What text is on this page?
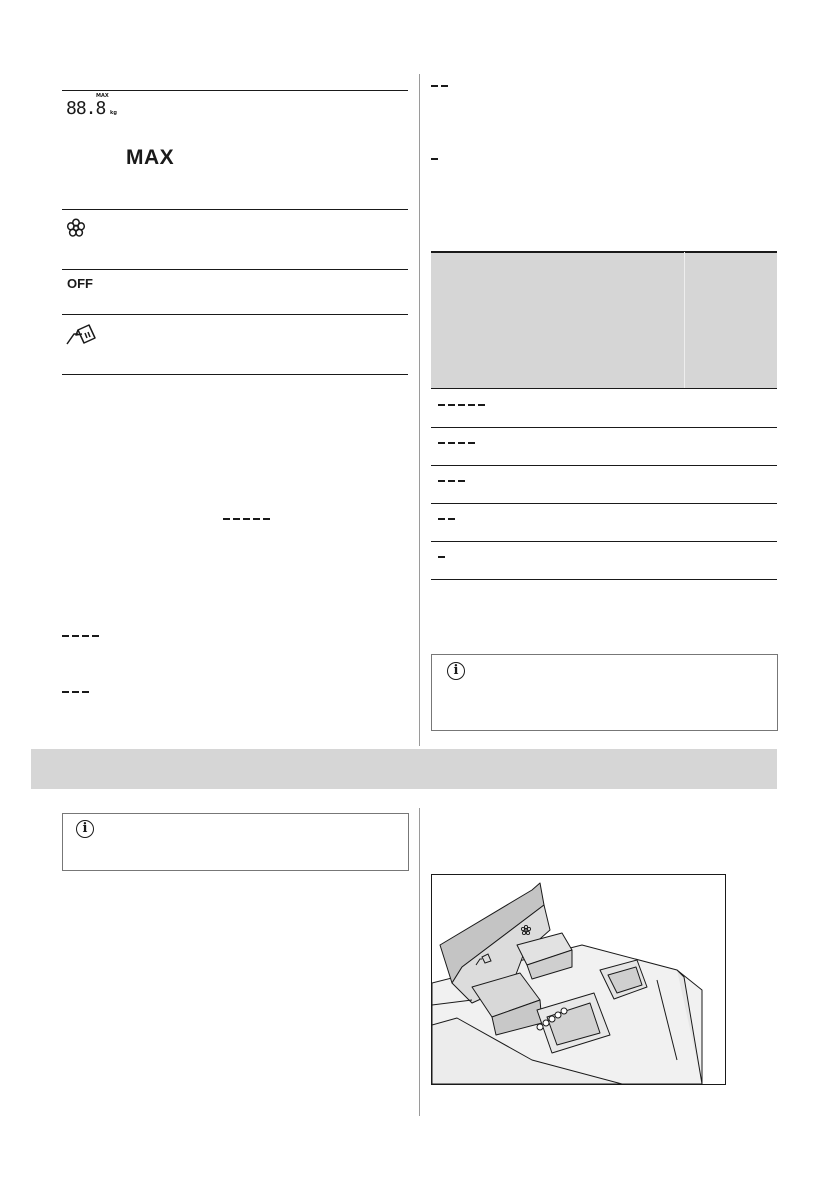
88.8
MAX
kg
MAX
OFF
i
i
